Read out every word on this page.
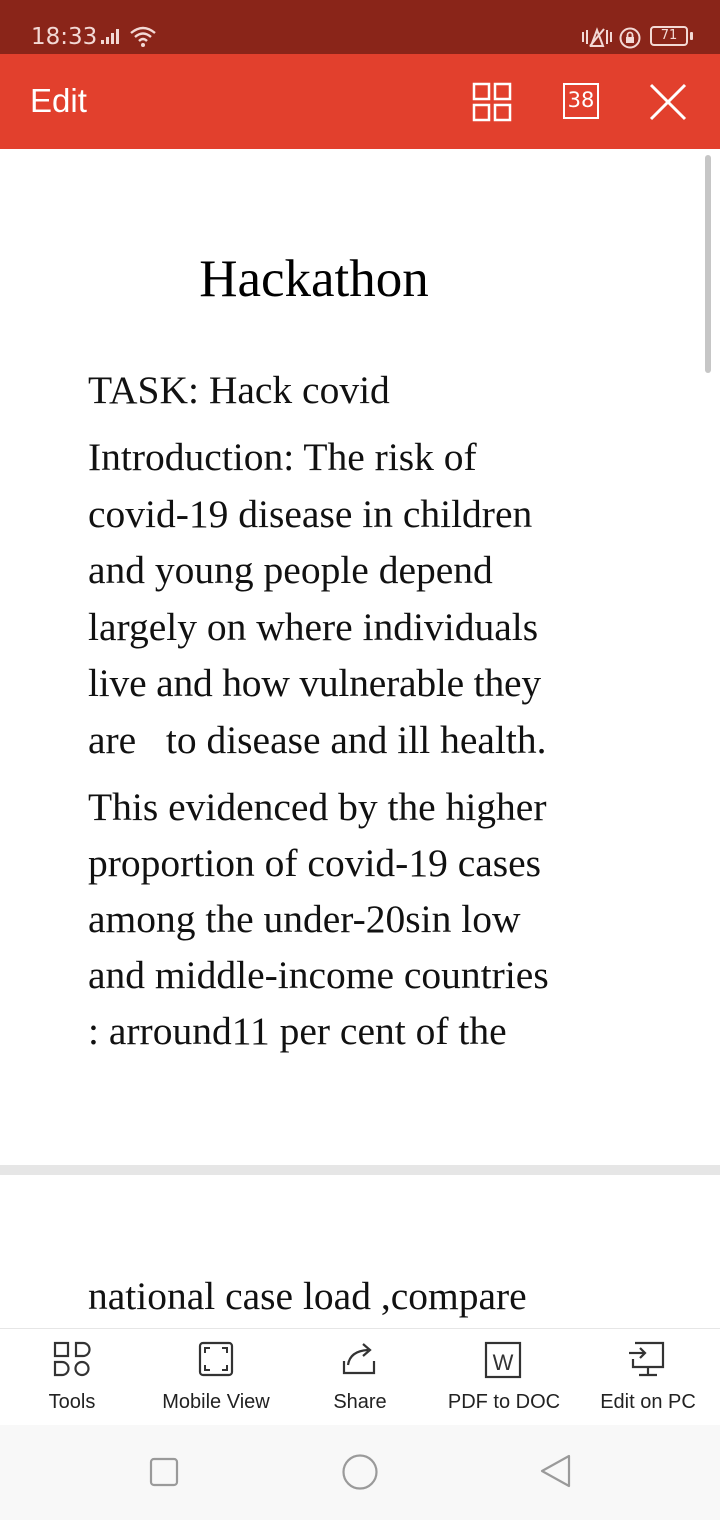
18:33	71
Edit	38
Hackathon
TASK: Hack covid
Introduction: The risk of
covid-19 disease in children
and young people depend
largely on where individuals
live and how vulnerable they
are   to disease and ill health.
This evidenced by the higher
proportion of covid-19 cases
among the under-20sin low
and middle-income countries
: arround11 per cent of the
national case load ,compare
Tools	Mobile View	Share
W
PDF to DOC	Edit on PC
